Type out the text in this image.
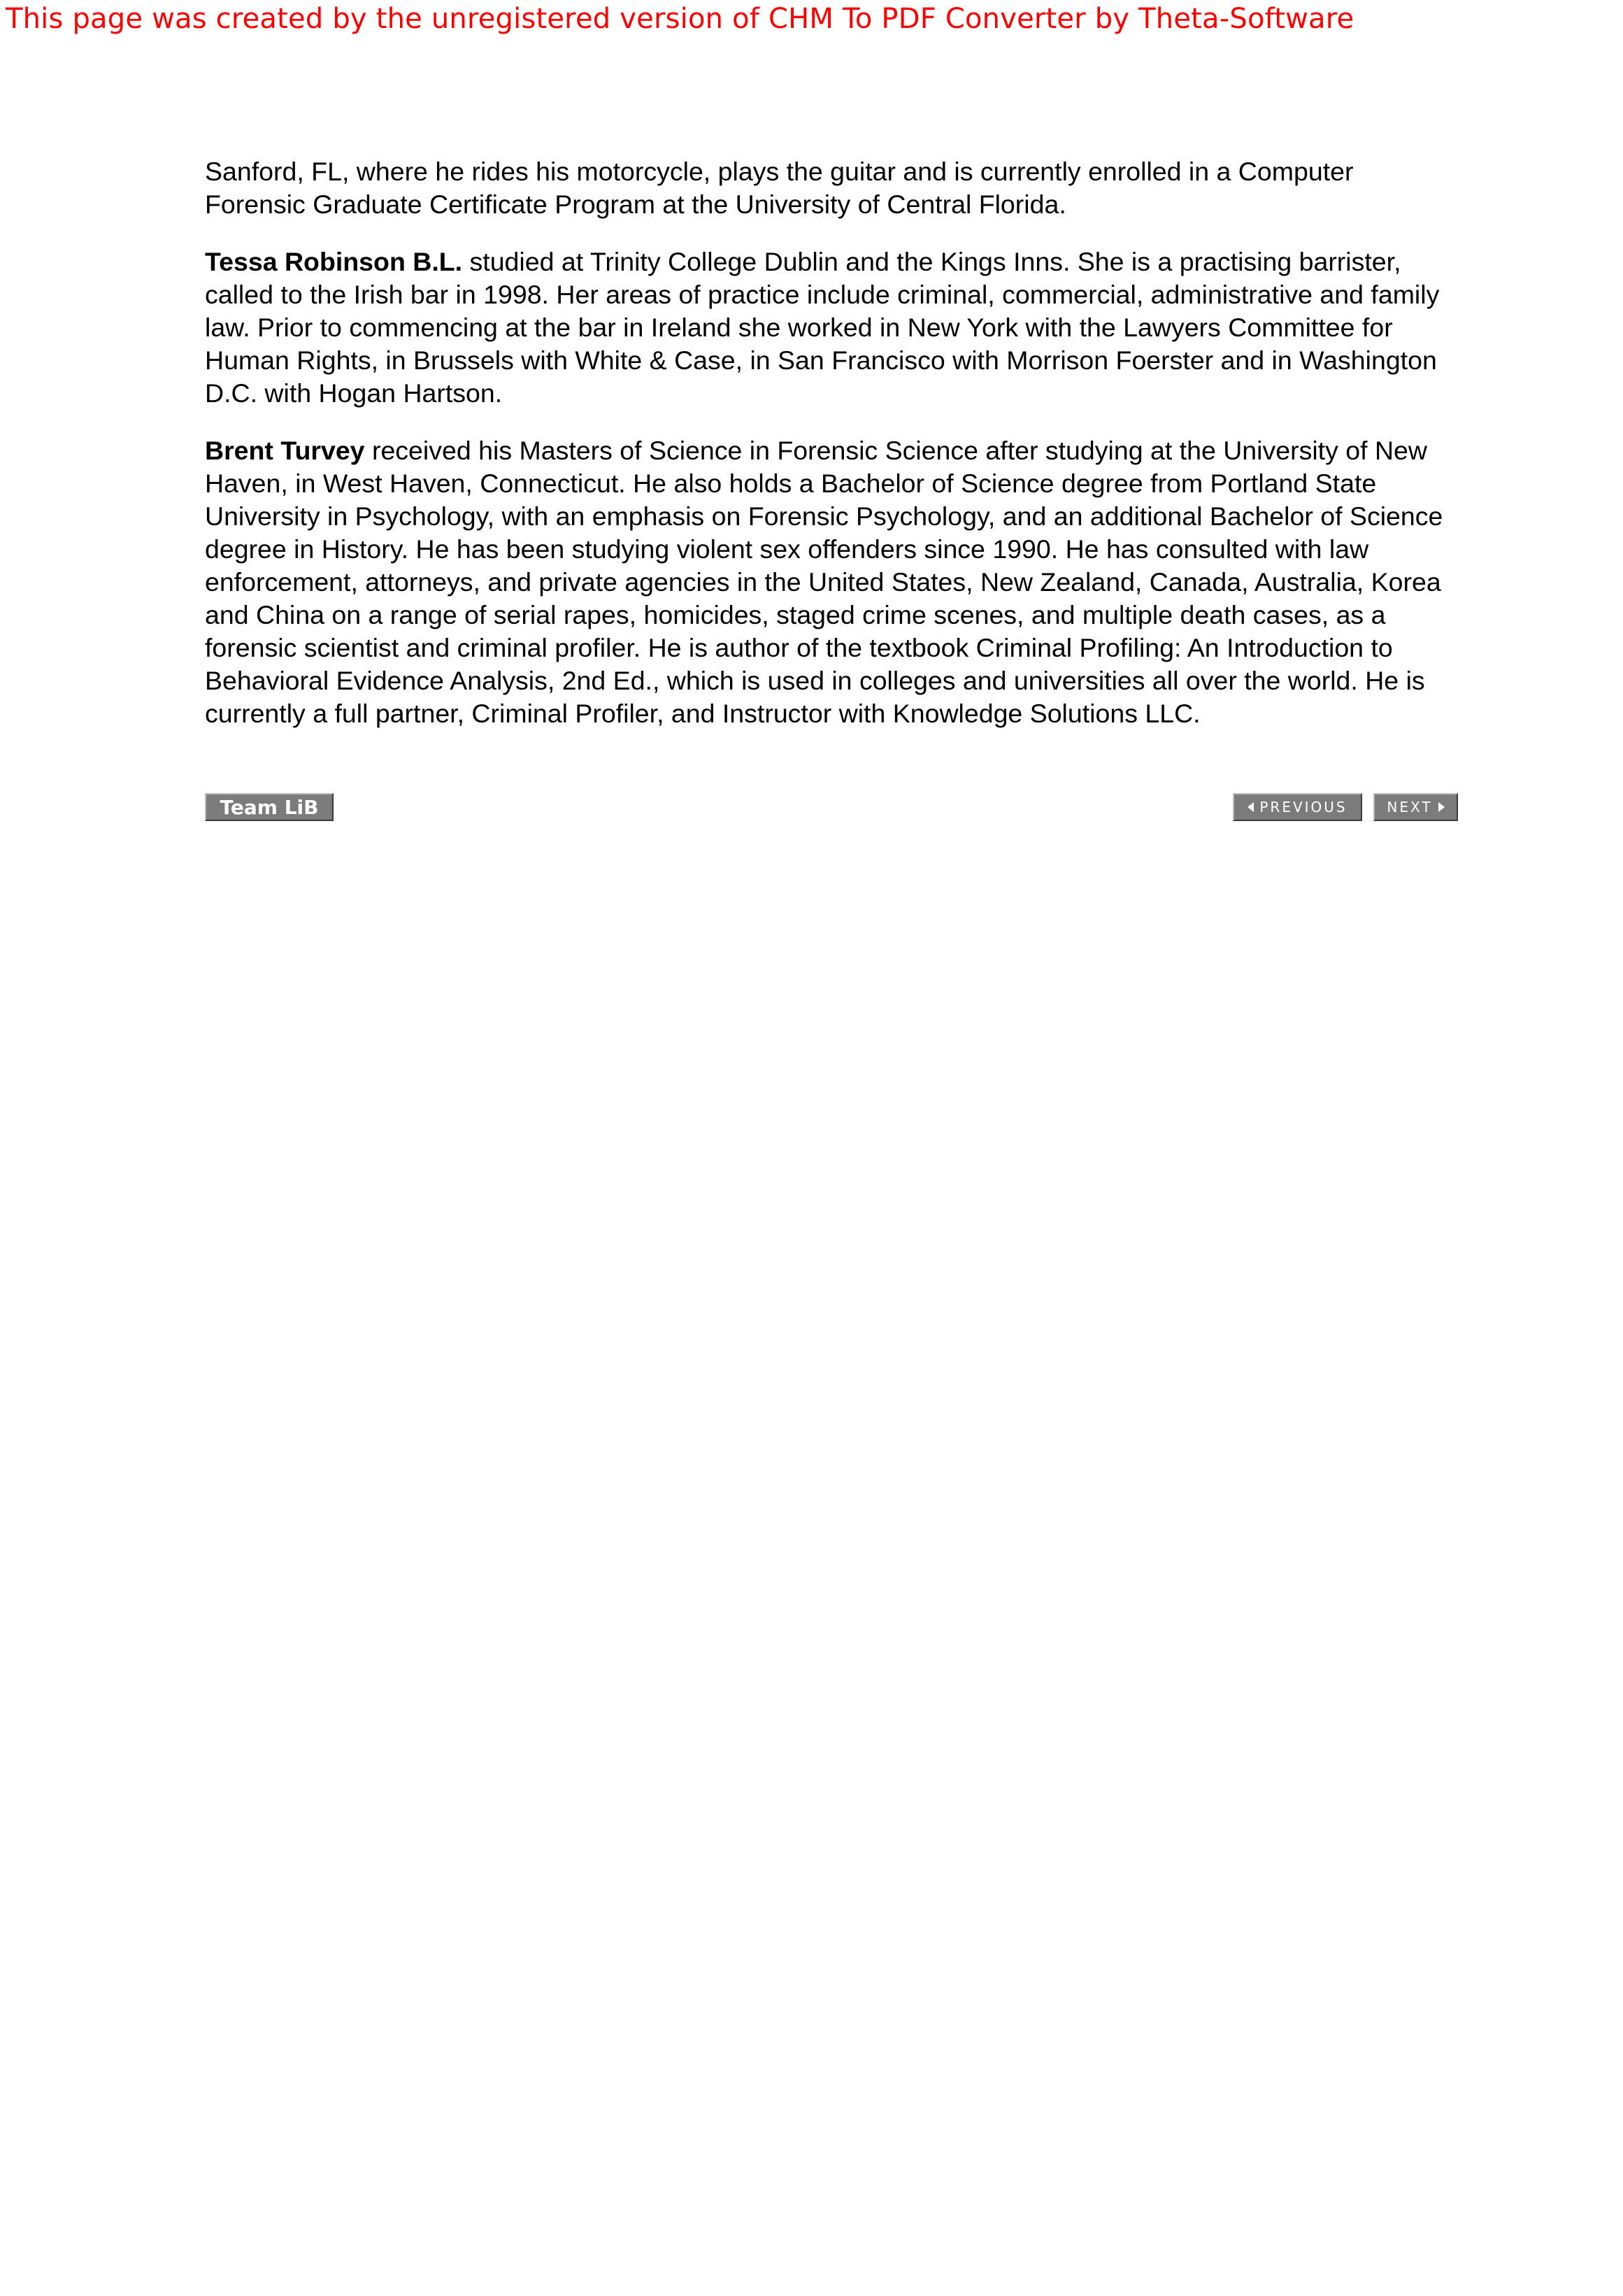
This page was created by the unregistered version of CHM To PDF Converter by Theta-Software

Sanford, FL, where he rides his motorcycle, plays the guitar and is currently enrolled in a Computer Forensic Graduate Certificate Program at the University of Central Florida.

Tessa Robinson B.L. studied at Trinity College Dublin and the Kings Inns. She is a practising barrister, called to the Irish bar in 1998. Her areas of practice include criminal, commercial, administrative and family law. Prior to commencing at the bar in Ireland she worked in New York with the Lawyers Committee for Human Rights, in Brussels with White & Case, in San Francisco with Morrison Foerster and in Washington D.C. with Hogan Hartson.

Brent Turvey received his Masters of Science in Forensic Science after studying at the University of New Haven, in West Haven, Connecticut. He also holds a Bachelor of Science degree from Portland State University in Psychology, with an emphasis on Forensic Psychology, and an additional Bachelor of Science degree in History. He has been studying violent sex offenders since 1990. He has consulted with law enforcement, attorneys, and private agencies in the United States, New Zealand, Canada, Australia, Korea and China on a range of serial rapes, homicides, staged crime scenes, and multiple death cases, as a forensic scientist and criminal profiler. He is author of the textbook Criminal Profiling: An Introduction to Behavioral Evidence Analysis, 2nd Ed., which is used in colleges and universities all over the world. He is currently a full partner, Criminal Profiler, and Instructor with Knowledge Solutions LLC.

Team LiB	PREVIOUS	NEXT
